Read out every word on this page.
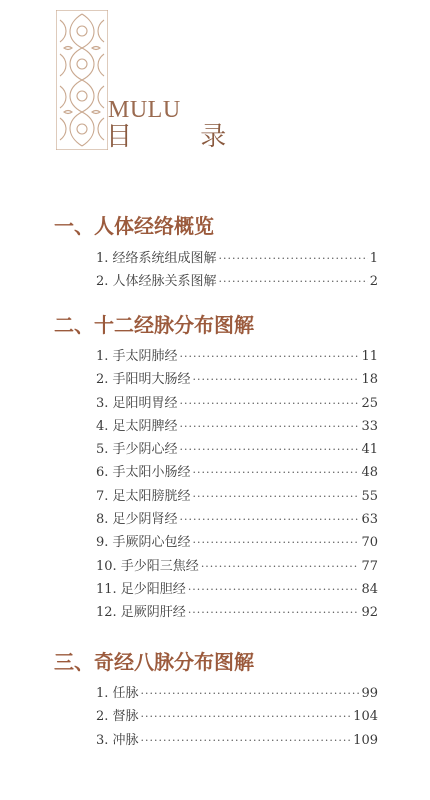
MULU
目 录
一、人体经络概览
1. 经络系统组成图解 ·····	1
2. 人体经脉关系图解 ·····	2
二、十二经脉分布图解
1. 手太阴肺经 ·····	11
2. 手阳明大肠经 ·····	18
3. 足阳明胃经 ·····	25
4. 足太阴脾经 ·····	33
5. 手少阴心经 ·····	41
6. 手太阳小肠经 ·····	48
7. 足太阳膀胱经 ·····	55
8. 足少阴肾经 ·····	63
9. 手厥阴心包经 ·····	70
10. 手少阳三焦经 ·····	77
11. 足少阳胆经 ·····	84
12. 足厥阴肝经 ·····	92
三、奇经八脉分布图解
1. 任脉 ·····	99
2. 督脉 ·····	104
3. 冲脉 ·····	109
